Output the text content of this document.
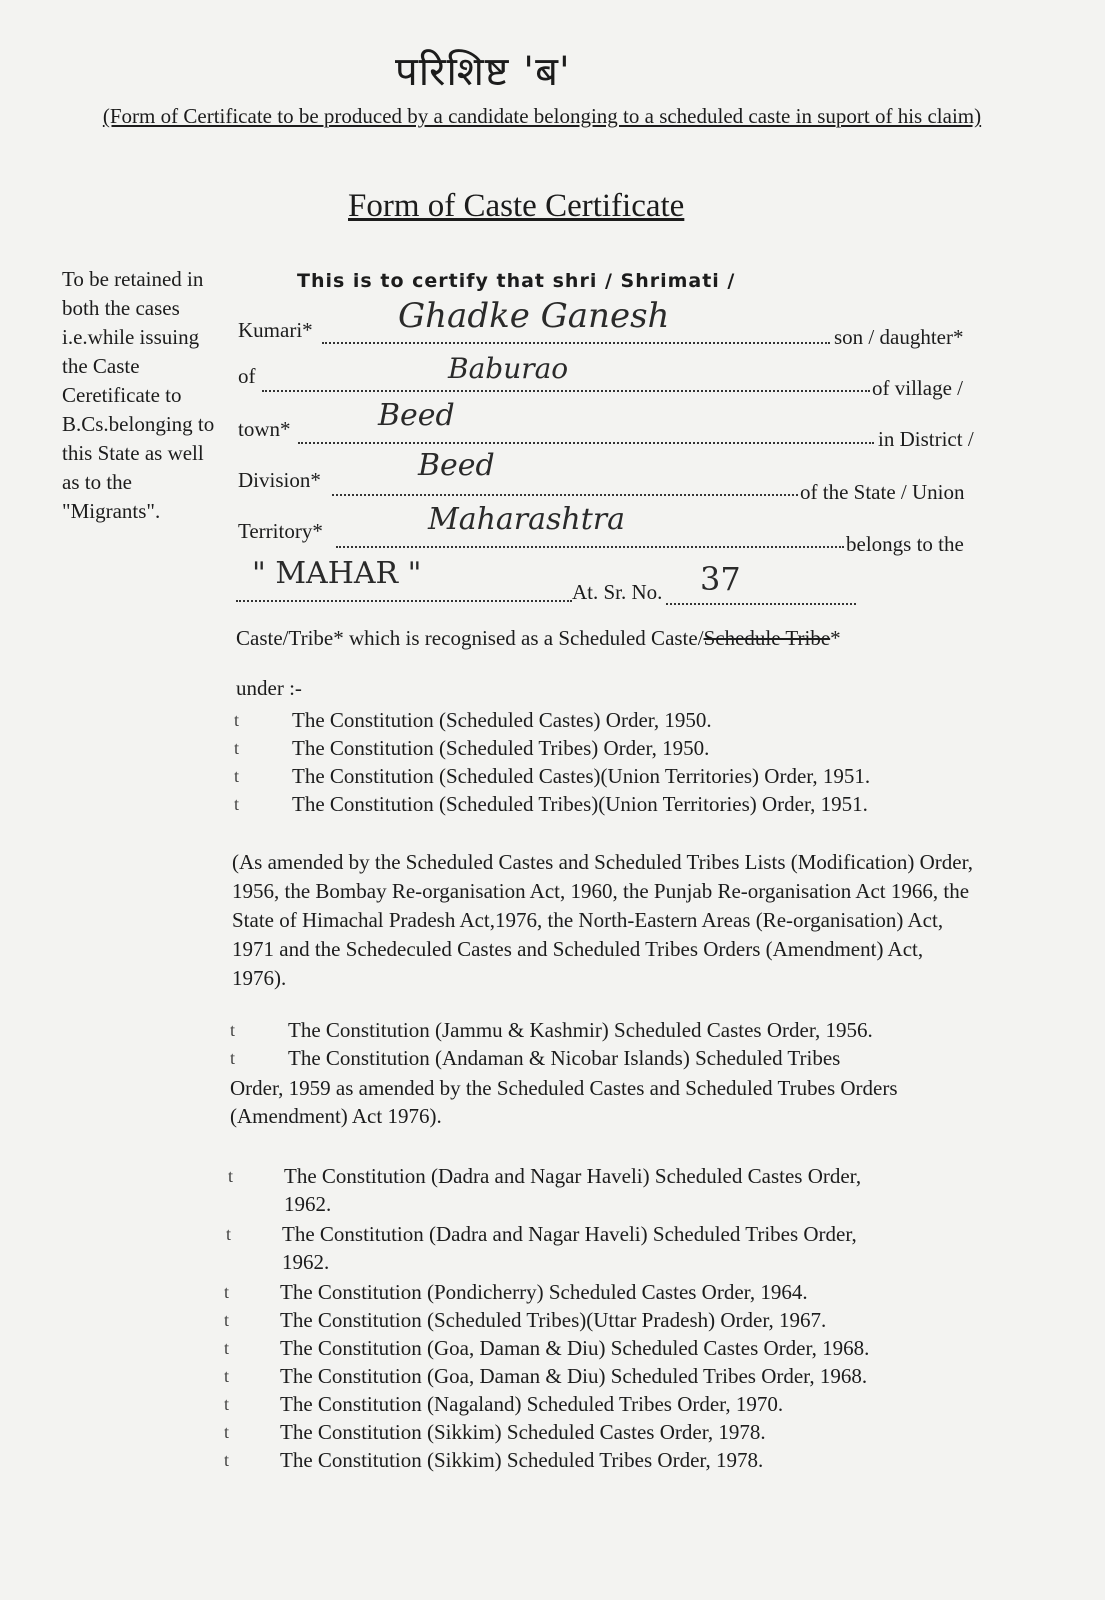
परिशिष्ट 'ब'
(Form of Certificate to be produced by a candidate belonging to a scheduled caste in suport of his claim)
Form of Caste Certificate
To be retained in both the cases i.e.while issuing the Caste Ceretificate to B.Cs.belonging to this State as well as to the "Migrants".
This is to certify that shri / Shrimati /
Kumari*	Ghadke Ganesh
son / daughter*
of	Baburao
of village /
town*	Beed
in District /
Division*	Beed
of the State / Union
Territory*	Maharashtra
belongs to the
" MAHAR "
At. Sr. No. 37
Caste/Tribe* which is recognised as a Scheduled Caste/Schedule Tribe*
under :-
t	The Constitution (Scheduled Castes) Order, 1950.
t	The Constitution (Scheduled Tribes) Order, 1950.
t	The Constitution (Scheduled Castes)(Union Territories) Order, 1951.
t	The Constitution (Scheduled Tribes)(Union Territories) Order, 1951.
(As amended by the Scheduled Castes and Scheduled Tribes Lists (Modification) Order, 1956, the Bombay Re-organisation Act, 1960, the Punjab Re-organisation Act 1966, the State of Himachal Pradesh Act,1976, the North-Eastern Areas (Re-organisation) Act, 1971 and the Schedeculed Castes and Scheduled Tribes Orders (Amendment) Act, 1976).
t	The Constitution (Jammu & Kashmir) Scheduled Castes Order, 1956.
t	The Constitution (Andaman & Nicobar Islands) Scheduled Tribes
Order, 1959 as amended by the Scheduled Castes and Scheduled Trubes Orders (Amendment) Act 1976).
t The Constitution (Dadra and Nagar Haveli) Scheduled Castes Order, 1962.
t The Constitution (Dadra and Nagar Haveli) Scheduled Tribes Order, 1962.
t The Constitution (Pondicherry) Scheduled Castes Order, 1964.
t The Constitution (Scheduled Tribes)(Uttar Pradesh) Order, 1967.
t The Constitution (Goa, Daman & Diu) Scheduled Castes Order, 1968.
t The Constitution (Goa, Daman & Diu) Scheduled Tribes Order, 1968.
t The Constitution (Nagaland) Scheduled Tribes Order, 1970.
t The Constitution (Sikkim) Scheduled Castes Order, 1978.
t The Constitution (Sikkim) Scheduled Tribes Order, 1978.
